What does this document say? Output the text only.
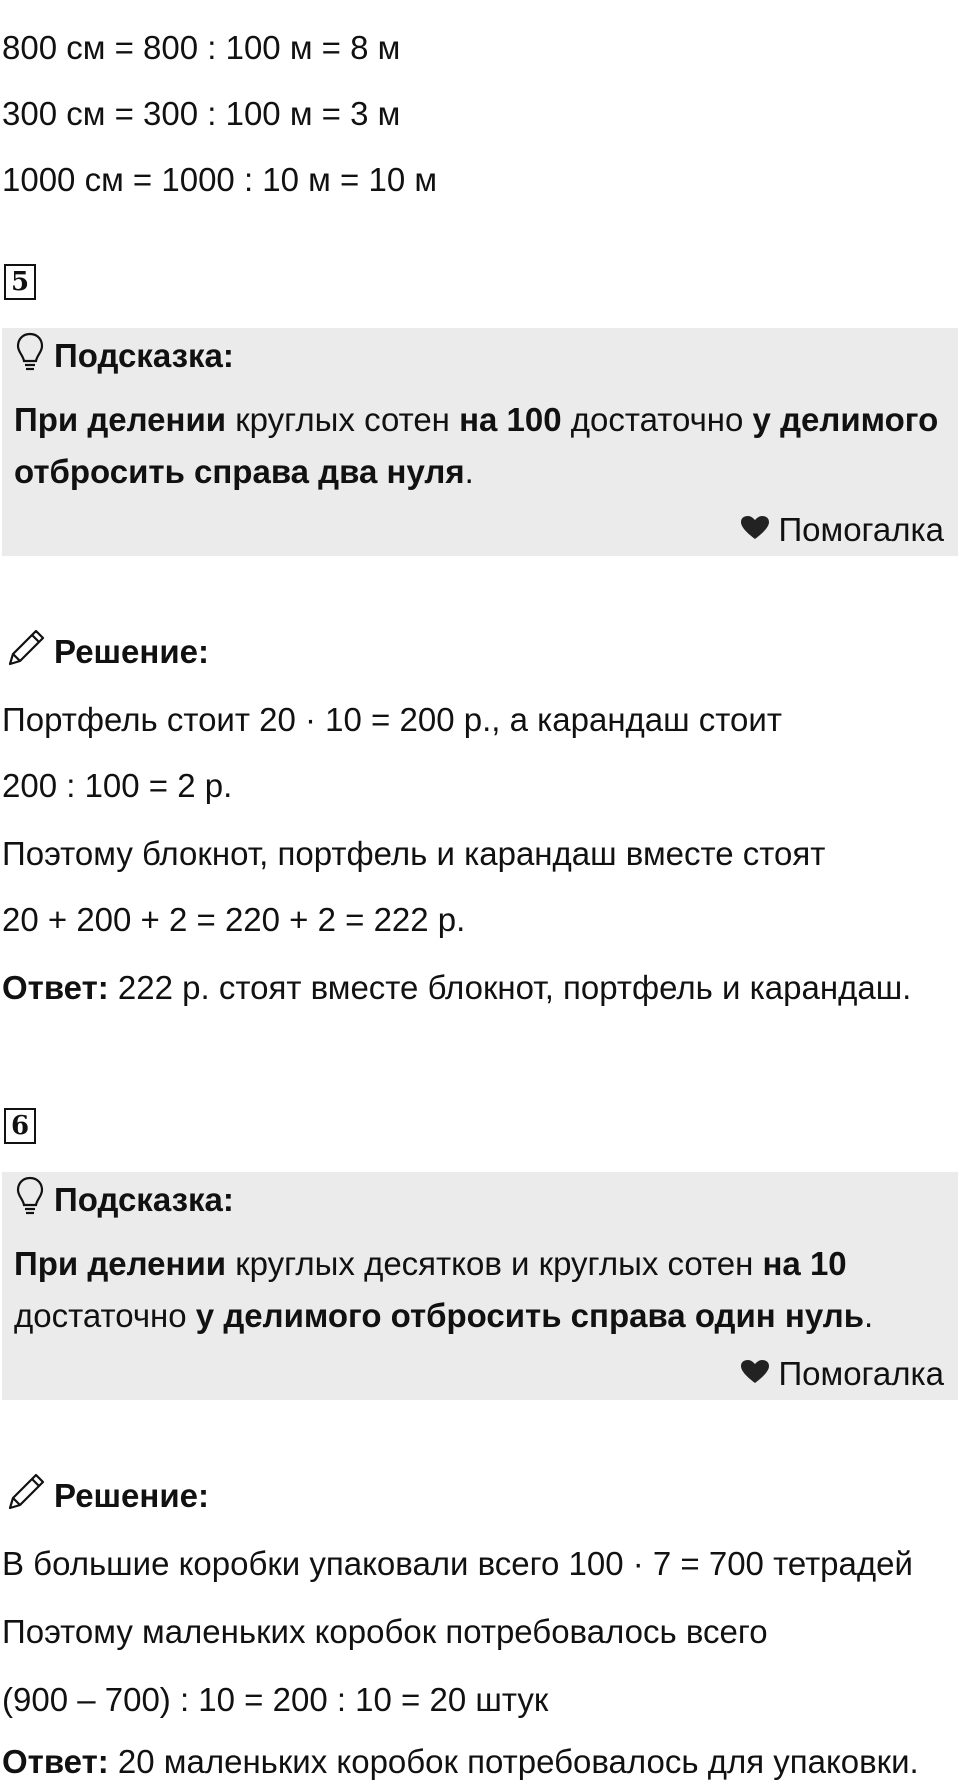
800 см = 800 : 100 м = 8 м
300 см = 300 : 100 м = 3 м
1000 см = 1000 : 10 м = 10 м
5
Подсказка:
При делении круглых сотен на 100 достаточно у делимого отбросить справа два нуля.
Помогалка
Решение:
Портфель стоит 20 · 10 = 200 р., а карандаш стоит
200 : 100 = 2 р.
Поэтому блокнот, портфель и карандаш вместе стоят
20 + 200 + 2 = 220 + 2 = 222 р.
Ответ: 222 р. стоят вместе блокнот, портфель и карандаш.
6
Подсказка:
При делении круглых десятков и круглых сотен на 10
достаточно у делимого отбросить справа один нуль.
Помогалка
Решение:
В большие коробки упаковали всего 100 · 7 = 700 тетрадей
Поэтому маленьких коробок потребовалось всего
(900 – 700) : 10 = 200 : 10 = 20 штук
Ответ: 20 маленьких коробок потребовалось для упаковки.
